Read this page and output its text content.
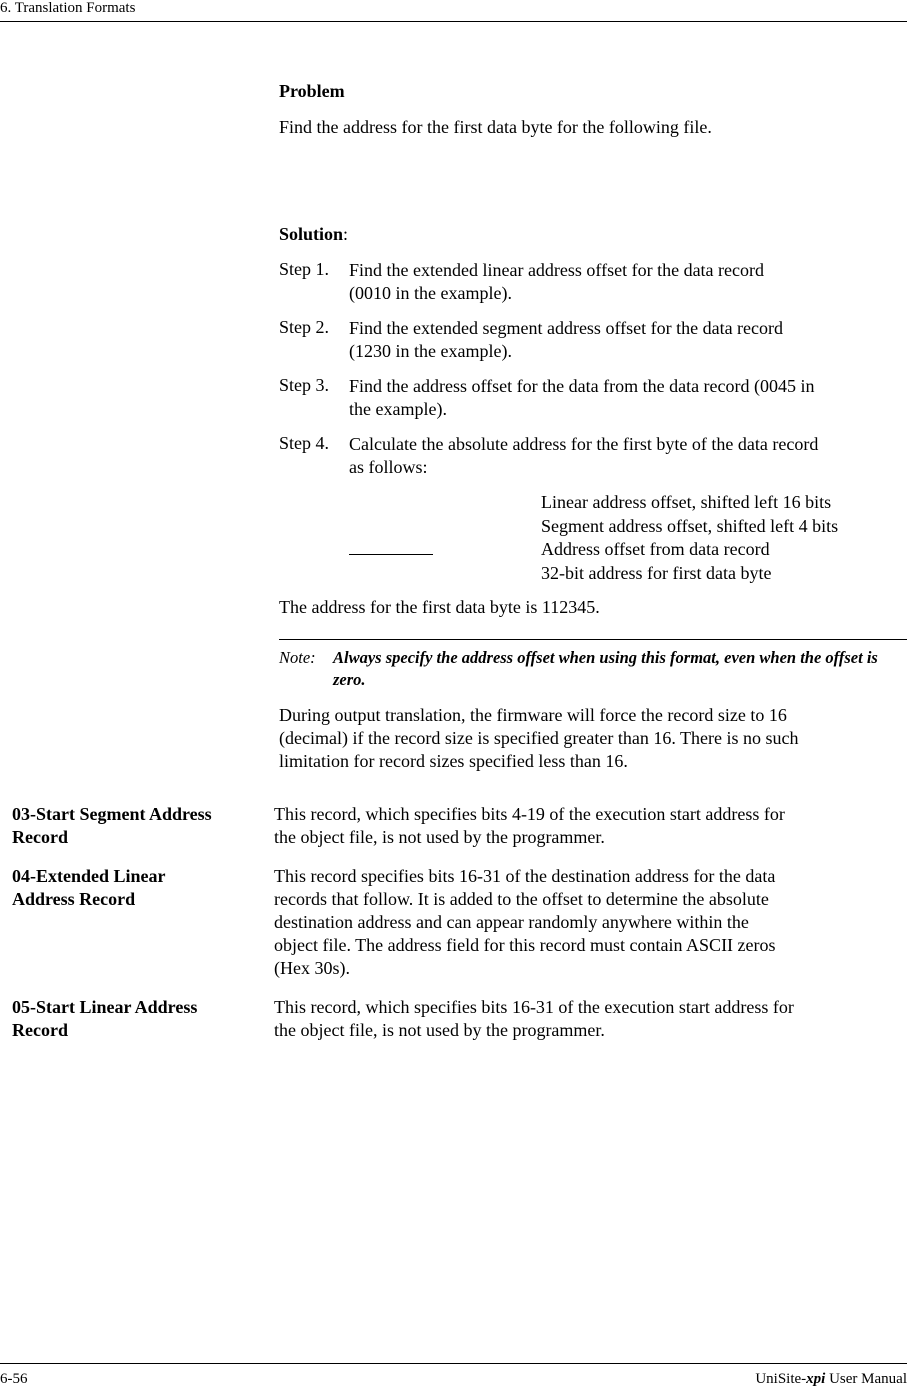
6. Translation Formats
Problem
Find the address for the first data byte for the following file.
Solution:
Step 1. Find the extended linear address offset for the data record
(0010 in the example).
Step 2. Find the extended segment address offset for the data record
(1230 in the example).
Step 3. Find the address offset for the data from the data record (0045 in
the example).
Step 4. Calculate the absolute address for the first byte of the data record
as follows:
Linear address offset, shifted left 16 bits
Segment address offset, shifted left 4 bits
Address offset from data record
32-bit address for first data byte
The address for the first data byte is 112345.
Note: Always specify the address offset when using this format, even when the offset is zero.
During output translation, the firmware will force the record size to 16
(decimal) if the record size is specified greater than 16. There is no such
limitation for record sizes specified less than 16.
03-Start Segment Address
Record
This record, which specifies bits 4-19 of the execution start address for
the object file, is not used by the programmer.
04-Extended Linear
Address Record
This record specifies bits 16-31 of the destination address for the data
records that follow. It is added to the offset to determine the absolute
destination address and can appear randomly anywhere within the
object file. The address field for this record must contain ASCII zeros
(Hex 30s).
05-Start Linear Address
Record
This record, which specifies bits 16-31 of the execution start address for
the object file, is not used by the programmer.
6-56	UniSite-xpi User Manual
